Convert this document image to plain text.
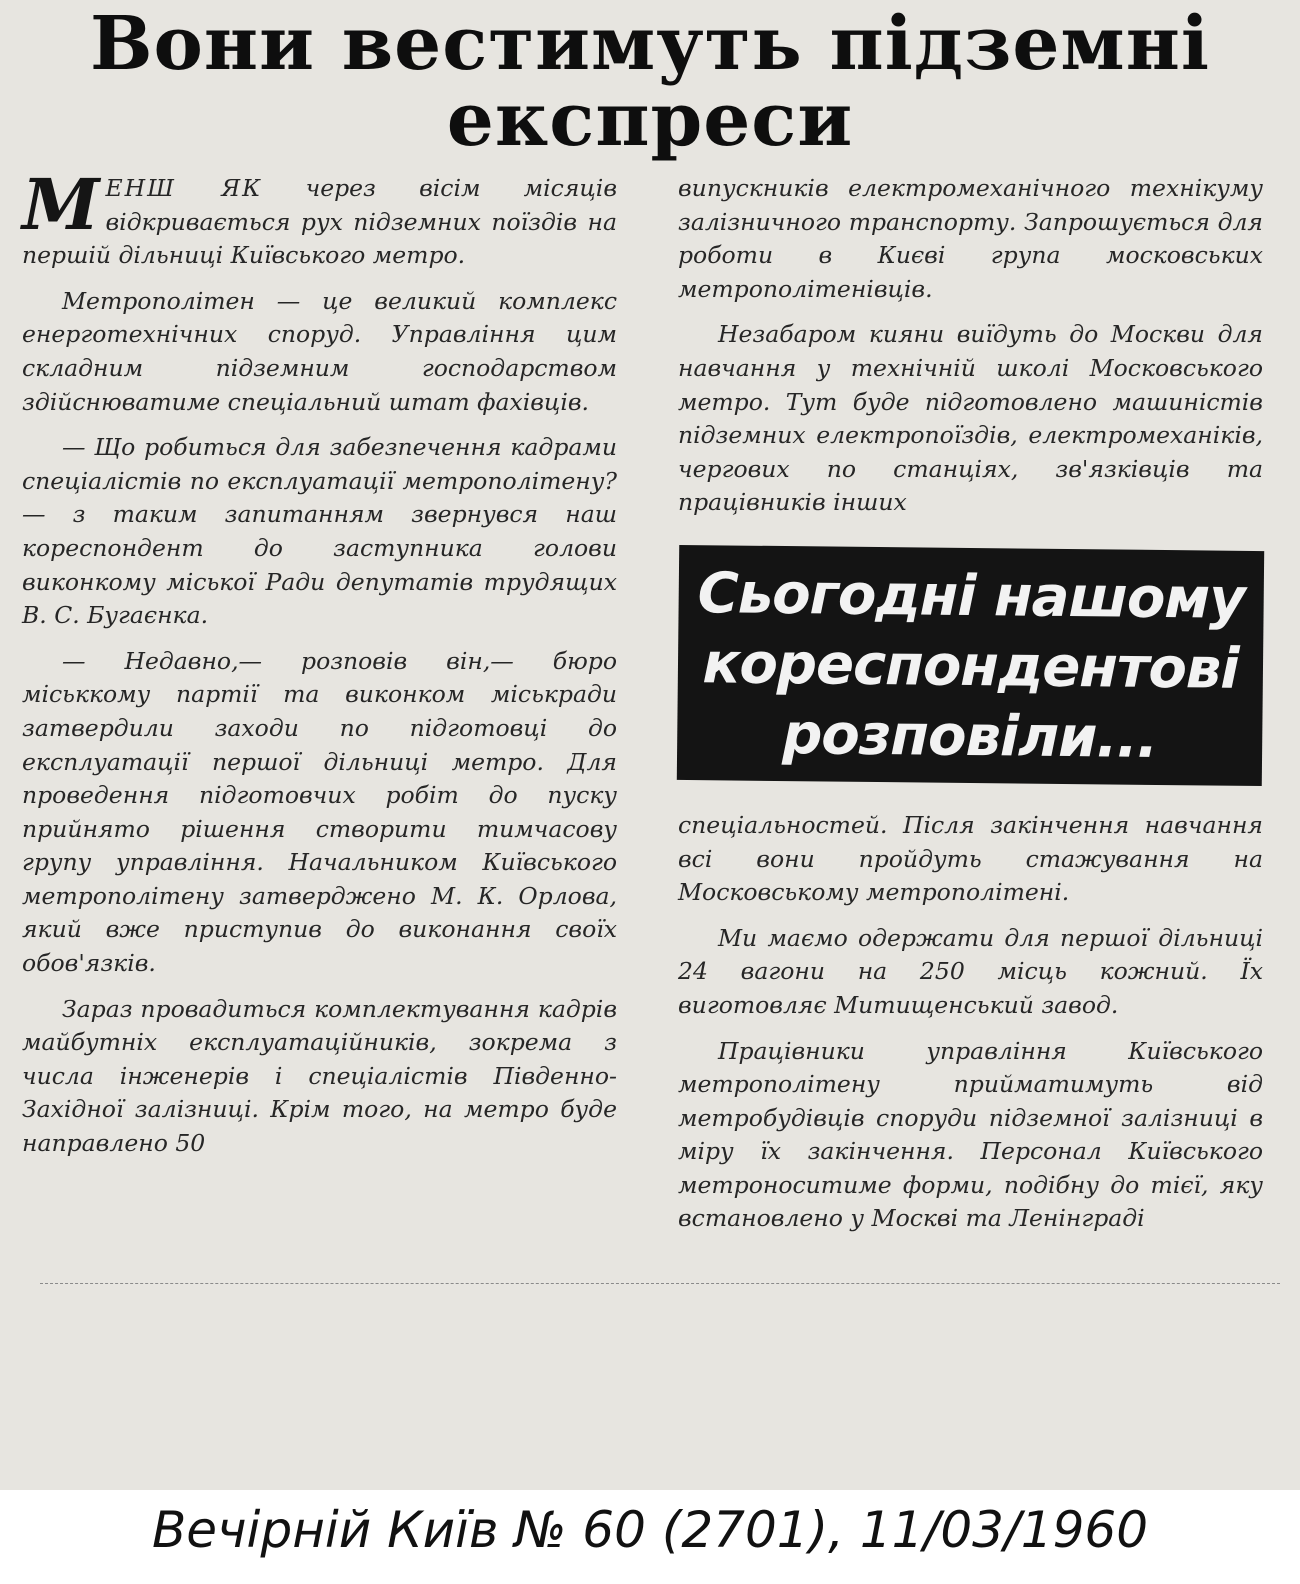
Вони вестимуть підземні експреси

МЕНШ ЯК через вісім місяців відкривається рух підземних поїздів на першій дільниці Київського метро.

Метрополітен — це великий комплекс енерготехнічних споруд. Управління цим складним підземним господарством здійснюватиме спеціальний штат фахівців.

— Що робиться для забезпечення кадрами спеціалістів по експлуатації метрополітену? — з таким запитанням звернувся наш кореспондент до заступника голови виконкому міської Ради депутатів трудящих В. С. Бугаєнка.

— Недавно,— розповів він,— бюро міськкому партії та виконком міськради затвердили заходи по підготовці до експлуатації першої дільниці метро. Для проведення підготовчих робіт до пуску прийнято рішення створити тимчасову групу управління. Начальником Київського метрополітену затверджено М. К. Орлова, який вже приступив до виконання своїх обов'язків.

Зараз провадиться комплектування кадрів майбутніх експлуатаційників, зокрема з числа інженерів і спеціалістів Південно-Західної залізниці. Крім того, на метро буде направлено 50

випускників електромеханічного технікуму залізничного транспорту. Запрошується для роботи в Києві група московських метрополітенівців.

Незабаром кияни виїдуть до Москви для навчання у технічній школі Московського метро. Тут буде підготовлено машиністів підземних електропоїздів, електромеханіків, чергових по станціях, зв'язківців та працівників інших

Сьогодні нашому
кореспондентові
розповіли...

спеціальностей. Після закінчення навчання всі вони пройдуть стажування на Московському метрополітені.

Ми маємо одержати для першої дільниці 24 вагони на 250 місць кожний. Їх виготовляє Митищенський завод.

Працівники управління Київського метрополітену прийматимуть від метробудівців споруди підземної залізниці в міру їх закінчення. Персонал Київського метроноситиме форми, подібну до тієї, яку встановлено у Москві та Ленінграді

Вечірній Київ № 60 (2701), 11/03/1960
